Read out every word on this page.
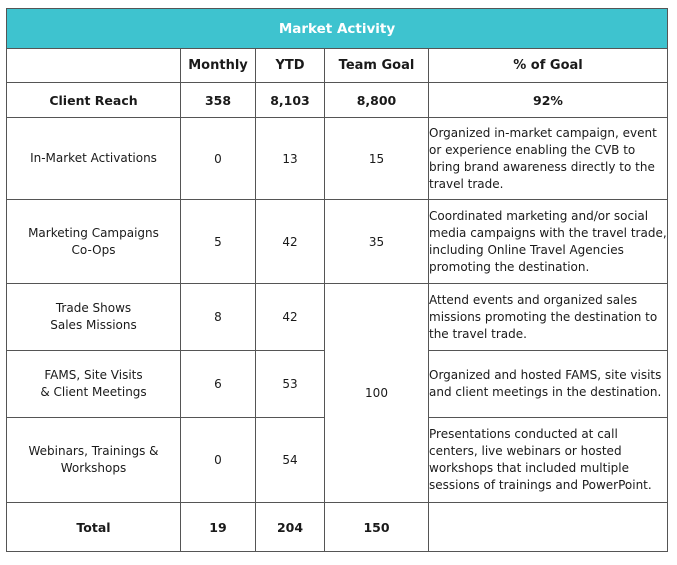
Market Activity				
	Monthly	YTD	Team Goal	% of Goal
Client Reach	358	8,103	8,800	92%
In-Market Activations	0	13	15	Organized in-market campaign, event or experience enabling the CVB to bring brand awareness directly to the travel trade.
Marketing Campaigns
Co-Ops	5	42	35	Coordinated marketing and/or social media campaigns with the travel trade, including Online Travel Agencies promoting the destination.
Trade Shows
Sales Missions	8	42	100	Attend events and organized sales missions promoting the destination to the travel trade.
FAMS, Site Visits
& Client Meetings	6	53		Organized and hosted FAMS, site visits and client meetings in the destination.
Webinars, Trainings &
Workshops	0	54		Presentations conducted at call centers, live webinars or hosted workshops that included multiple sessions of trainings and PowerPoint.
Total	19	204	150	
